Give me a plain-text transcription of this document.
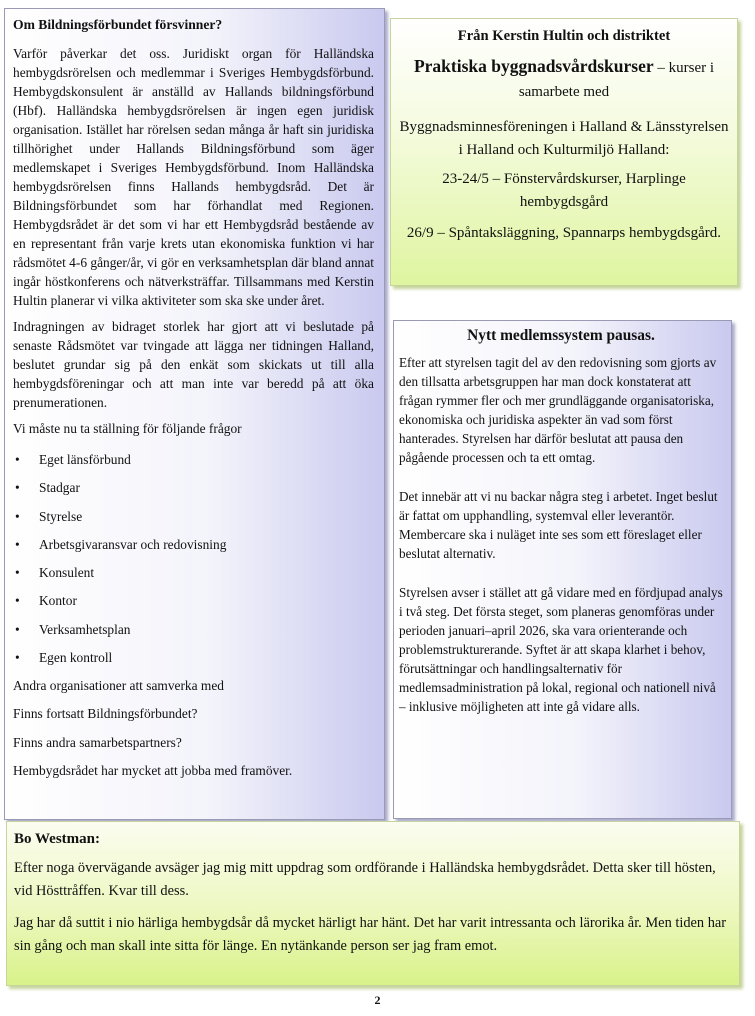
Om Bildningsförbundet försvinner?

Varför påverkar det oss. Juridiskt organ för Halländska hembygdsrörelsen och medlemmar i Sveriges Hembygdsförbund. Hembygdskonsulent är anställd av Hallands bildningsförbund (Hbf). Halländska hembygdsrörelsen är ingen egen juridisk organisation. Istället har rörelsen sedan många år haft sin juridiska tillhörighet under Hallands Bildningsförbund som äger medlemskapet i Sveriges Hembygdsförbund. Inom Halländska hembygdsrörelsen finns Hallands hembygdsråd. Det är Bildningsförbundet som har förhandlat med Regionen. Hembygdsrådet är det som vi har ett Hembygdsråd bestående av en representant från varje krets utan ekonomiska funktion vi har rådsmötet 4-6 gånger/år, vi gör en verksamhetsplan där bland annat ingår höstkonferens och nätverksträffar. Tillsammans med Kerstin Hultin planerar vi vilka aktiviteter som ska ske under året.

Indragningen av bidraget storlek har gjort att vi beslutade på senaste Rådsmötet var tvingade att lägga ner tidningen Halland, beslutet grundar sig på den enkät som skickats ut till alla hembygdsföreningar och att man inte var beredd på att öka prenumerationen.

Vi måste nu ta ställning för följande frågor

• Eget länsförbund
• Stadgar
• Styrelse
• Arbetsgivaransvar och redovisning
• Konsulent
• Kontor
• Verksamhetsplan
• Egen kontroll

Andra organisationer att samverka med

Finns fortsatt Bildningsförbundet?

Finns andra samarbetspartners?

Hembygdsrådet har mycket att jobba med framöver.

Från Kerstin Hultin och distriktet
Praktiska byggnadsvårdskurser – kurser i samarbete med

Byggnadsminnesföreningen i Halland & Länsstyrelsen i Halland och Kulturmiljö Halland:

23-24/5 – Fönstervårdskurser, Harplinge hembygdsgård

26/9 – Spåntaksläggning, Spannarps hembygdsgård.

Nytt medlemssystem pausas.

Efter att styrelsen tagit del av den redovisning som gjorts av den tillsatta arbetsgruppen har man dock konstaterat att frågan rymmer fler och mer grundläggande organisatoriska, ekonomiska och juridiska aspekter än vad som först hanterades. Styrelsen har därför beslutat att pausa den pågående processen och ta ett omtag.

Det innebär att vi nu backar några steg i arbetet. Inget beslut är fattat om upphandling, systemval eller leverantör. Membercare ska i nuläget inte ses som ett föreslaget eller beslutat alternativ.

Styrelsen avser i stället att gå vidare med en fördjupad analys i två steg. Det första steget, som planeras genomföras under perioden januari–april 2026, ska vara orienterande och problemstrukturerande. Syftet är att skapa klarhet i behov, förutsättningar och handlingsalternativ för medlemsadministration på lokal, regional och nationell nivå – inklusive möjligheten att inte gå vidare alls.

Bo Westman:

Efter noga övervägande avsäger jag mig mitt uppdrag som ordförande i Halländska hembygdsrådet. Detta sker till hösten, vid Hösttråffen. Kvar till dess.

Jag har då suttit i nio härliga hembygdsår då mycket härligt har hänt. Det har varit intressanta och lärorika år. Men tiden har sin gång och man skall inte sitta för länge. En nytänkande person ser jag fram emot.

2
